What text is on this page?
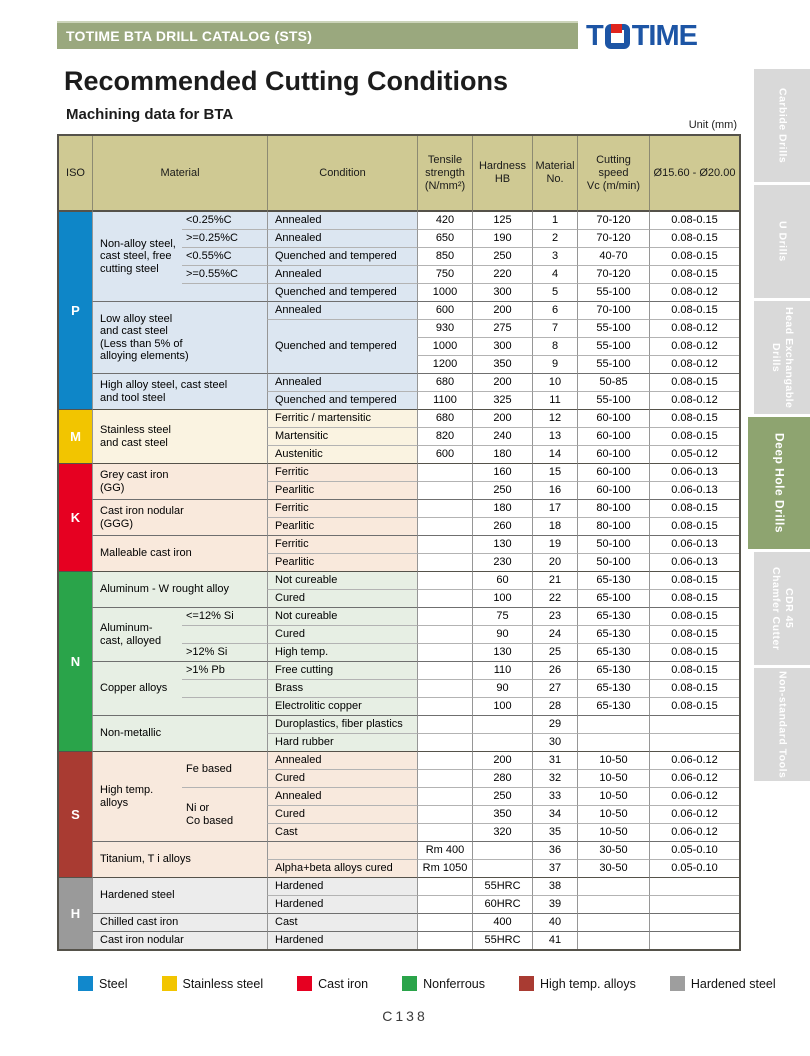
TOTIME BTA DRILL CATALOG (STS)	T TIME
Recommended Cutting Conditions
Machining data for BTA
Unit (mm)
ISO	Material		Condition	Tensile
strength
(N/mm²)	Hardness
HB	Material
No.	Cutting
speed
Vc (m/min)	Ø15.60 - Ø20.00
P	Non-alloy steel,
cast steel, free
cutting steel	<0.25%C	Annealed	420	125	1	70-120	0.08-0.15
		>=0.25%C	Annealed	650	190	2	70-120	0.08-0.15
		<0.55%C	Quenched and tempered	850	250	3	40-70	0.08-0.15
		>=0.55%C	Annealed	750	220	4	70-120	0.08-0.15
			Quenched and tempered	1000	300	5	55-100	0.08-0.12
	Low alloy steel
and cast steel
(Less than 5% of
alloying elements)		Annealed	600	200	6	70-100	0.08-0.15
			Quenched and tempered	930	275	7	55-100	0.08-0.12
				1000	300	8	55-100	0.08-0.12
				1200	350	9	55-100	0.08-0.12
	High alloy steel, cast steel
and tool steel		Annealed	680	200	10	50-85	0.08-0.15
			Quenched and tempered	1100	325	11	55-100	0.08-0.12
M	Stainless steel
and cast steel		Ferritic / martensitic	680	200	12	60-100	0.08-0.15
			Martensitic	820	240	13	60-100	0.08-0.15
			Austenitic	600	180	14	60-100	0.05-0.12
K	Grey cast iron
(GG)		Ferritic		160	15	60-100	0.06-0.13
			Pearlitic		250	16	60-100	0.06-0.13
	Cast iron nodular
(GGG)		Ferritic		180	17	80-100	0.08-0.15
			Pearlitic		260	18	80-100	0.08-0.15
	Malleable cast iron		Ferritic		130	19	50-100	0.06-0.13
			Pearlitic		230	20	50-100	0.06-0.13
N	Aluminum - W rought alloy		Not cureable		60	21	65-130	0.08-0.15
			Cured		100	22	65-100	0.08-0.15
	Aluminum-
cast, alloyed	<=12% Si	Not cureable		75	23	65-130	0.08-0.15
			Cured		90	24	65-130	0.08-0.15
		>12% Si	High temp.		130	25	65-130	0.08-0.15
	Copper alloys	>1% Pb	Free cutting		110	26	65-130	0.08-0.15
			Brass		90	27	65-130	0.08-0.15
			Electrolitic copper		100	28	65-130	0.08-0.15
	Non-metallic		Duroplastics, fiber plastics			29		
			Hard rubber			30		
S	High temp.
alloys	Fe based	Annealed		200	31	10-50	0.06-0.12
			Cured		280	32	10-50	0.06-0.12
		Ni or
Co based	Annealed		250	33	10-50	0.06-0.12
			Cured		350	34	10-50	0.06-0.12
			Cast		320	35	10-50	0.06-0.12
	Titanium, T i alloys			Rm 400		36	30-50	0.05-0.10
			Alpha+beta alloys cured	Rm 1050		37	30-50	0.05-0.10
H	Hardened steel		Hardened		55HRC	38		
			Hardened		60HRC	39		
	Chilled cast iron		Cast		400	40		
	Cast iron nodular		Hardened		55HRC	41		
Carbide Drills
U Drills
Head Exchangable
Drills
Deep Hole Drills
CDR 45
Chamfer Cutter
Non-standard Tools
Steel	Stainless steel	Cast iron	Nonferrous	High temp. alloys	Hardened steel
C138
